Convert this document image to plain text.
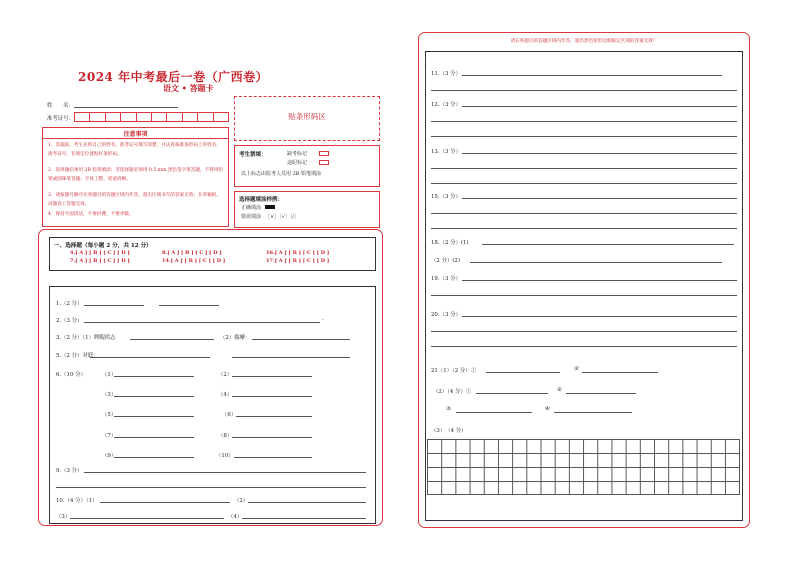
2024 年中考最后一卷（广西卷）
语文 • 答题卡
姓　　名：
准考证号：	贴条形码区
注意事项
1．答题前，考生先将自己的姓名、准考证号填写清楚，并认真核准条形码上的姓名、准考证号，在规定位置贴好条形码。
2．选择题必须用 2B 铅笔填涂；非选择题必须用 0.5 mm 黑色签字笔答题，不得用铅笔或圆珠笔答题；字体工整、笔迹清晰。
3．请按题号顺序在各题目的答题区域内作答，超出区域书写的答案无效；在草稿纸、试题卷上答题无效。
4．保持卡面清洁，不要折叠、不要弄破。
考生禁填：	缺考标记
违纪标记
以上标志由监考人员用 2B 铅笔填涂
选择题填涂样例：
正确填涂
错误填涂 ［×］［√］［/］
一、选择题（每小题 2 分，共 12 分）
4.[ A ] [ B ] [ C ] [ D ]	8.[ A ] [ B ] [ C ] [ D ]	16.[ A ] [ B ] [ C ] [ D ]
7.[ A ] [ B ] [ C ] [ D ]	14.[ A ] [ B ] [ C ] [ D ]	17.[ A ] [ B ] [ C ] [ D ]
1.（2 分）
2.（3 分）	.
3.（2 分）（1）睥睨鸿志	（2）揣摩：
5.（2 分）对联：
6.（10 分）	（1）	（2）
（3）	（4）
（5）	（6）
（7）	（8）
（9）	（10）
9.（3 分）
10.（4 分）（1）	（2）
（3）	（4）
请在各题目的答题区域内作答，超出黑色矩形边框限定区域的答案无效！
11.（3 分）
12.（3 分）
13.（3 分）
15.（3 分）
18.（2 分）(1)
（2 分）(2)
19.（3 分）
20.（3 分）
21（1）（2 分）①	②
（2）（4 分）①	②
③	④
（3）　（4 分）
